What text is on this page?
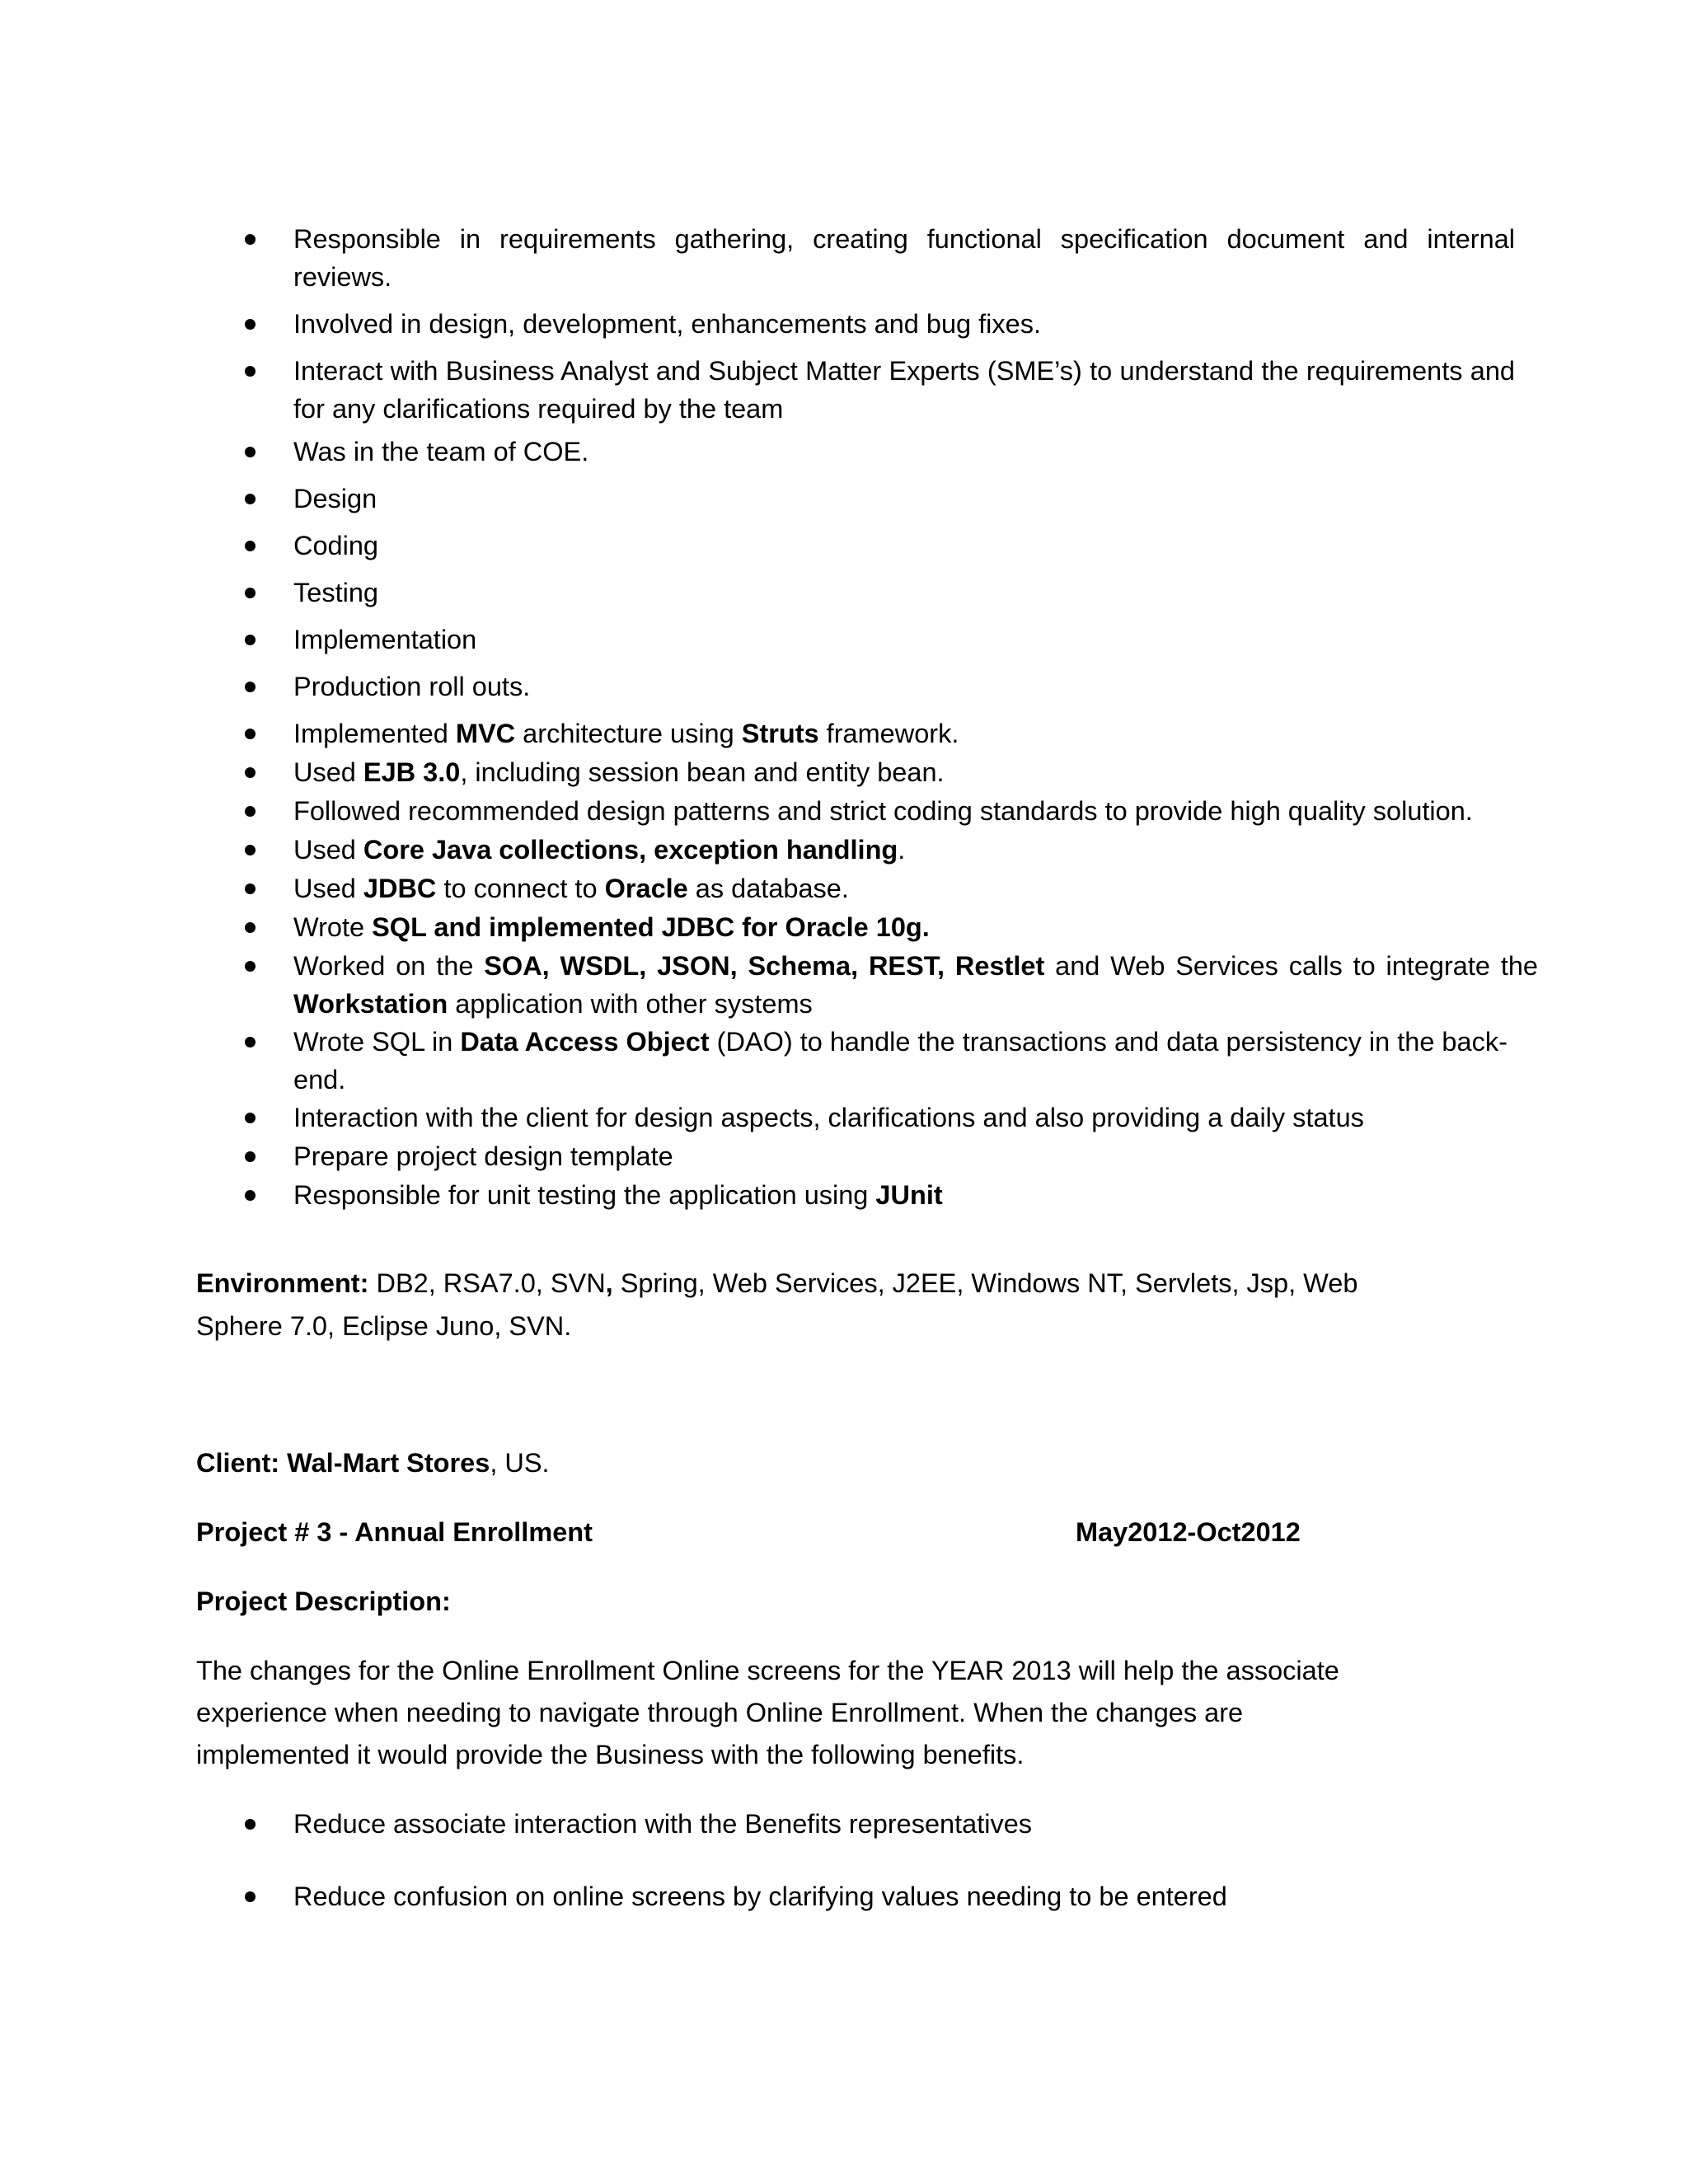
Responsible in requirements gathering, creating functional specification document and internal reviews.
Involved in design, development, enhancements and bug fixes.
Interact with Business Analyst and Subject Matter Experts (SME’s) to understand the requirements and for any clarifications required by the team
Was in the team of COE.
Design
Coding
Testing
Implementation
Production roll outs.
Implemented MVC architecture using Struts framework.
Used EJB 3.0, including session bean and entity bean.
Followed recommended design patterns and strict coding standards to provide high quality solution.
Used Core Java collections, exception handling.
Used JDBC to connect to Oracle as database.
Wrote SQL and implemented JDBC for Oracle 10g.
Worked on the SOA, WSDL, JSON, Schema, REST, Restlet and Web Services calls to integrate the Workstation application with other systems
Wrote SQL in Data Access Object (DAO) to handle the transactions and data persistency in the back-end.
Interaction with the client for design aspects, clarifications and also providing a daily status
Prepare project design template
Responsible for unit testing the application using JUnit
Environment: DB2, RSA7.0, SVN, Spring, Web Services, J2EE, Windows NT, Servlets, Jsp, Web
Sphere 7.0, Eclipse Juno, SVN.
Client: Wal-Mart Stores, US.
Project # 3 - Annual Enrollment	May2012-Oct2012
Project Description:
The changes for the Online Enrollment Online screens for the YEAR 2013 will help the associate
experience when needing to navigate through Online Enrollment. When the changes are
implemented it would provide the Business with the following benefits.
Reduce associate interaction with the Benefits representatives
Reduce confusion on online screens by clarifying values needing to be entered
